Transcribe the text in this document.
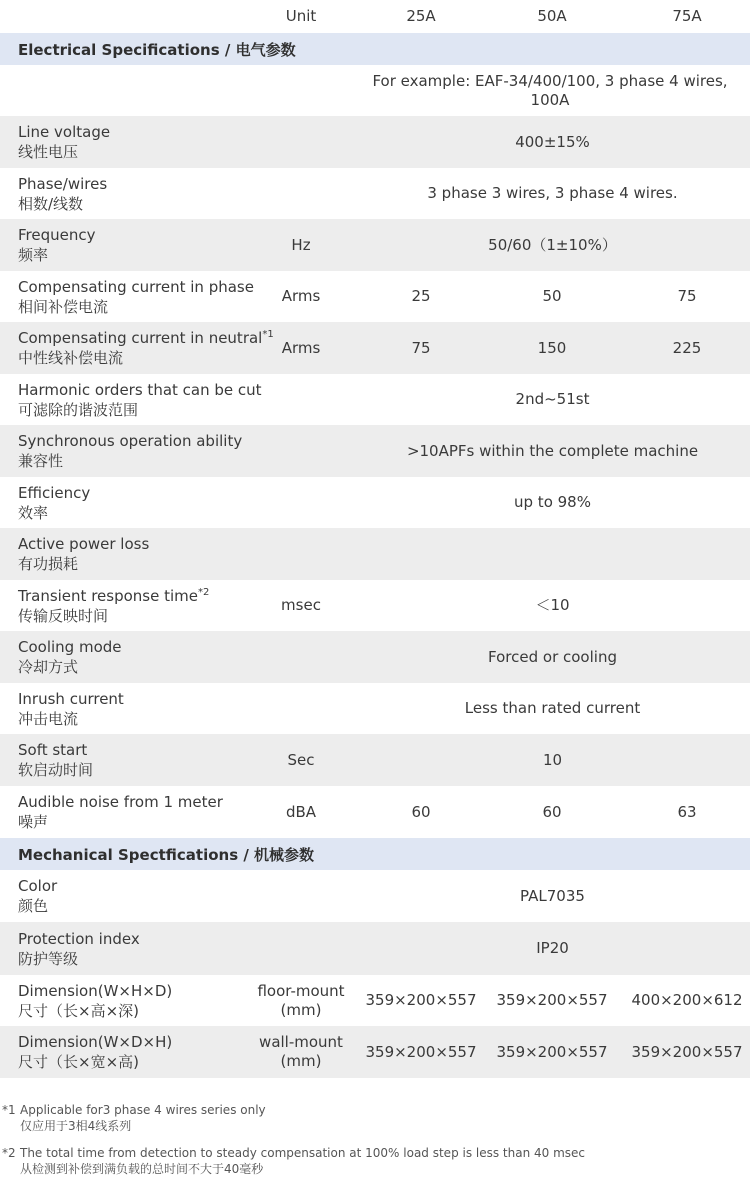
Unit	25A	50A	75A
Electrical Specifications / 电气参数
For example: EAF-34/400/100, 3 phase 4 wires, 100A
Line voltage
线性电压
400±15%
Phase/wires
相数/线数
3 phase 3 wires, 3 phase 4 wires.
Frequency
频率
Hz	50/60（1±10%）
Compensating current in phase
相间补偿电流
Arms	25	50	75
Compensating current in neutral$^{*1}$
中性线补偿电流
Arms	75	150	225
Harmonic orders that can be cut
可滤除的谐波范围
2nd~51st
Synchronous operation ability
兼容性
>10APFs within the complete machine
Efficiency
效率
up to 98%
Active power loss
有功损耗
Transient response time$^{*2}$
传输反映时间
msec	＜10
Cooling mode
冷却方式
Forced or cooling
Inrush current
冲击电流
Less than rated current
Soft start
软启动时间
Sec	10
Audible noise from 1 meter
噪声
dBA	60	60	63
Mechanical Spectfications / 机械参数
Color
颜色
PAL7035
Protection index
防护等级
IP20
Dimension(W×H×D)
尺寸（长×高×深)
floor-mount
(mm)
359×200×557	359×200×557	400×200×612
Dimension(W×D×H)
尺寸（长×宽×高)
wall-mount
(mm)
359×200×557	359×200×557	359×200×557
*1 Applicable for3 phase 4 wires series only
仅应用于3相4线系列
*2 The total time from detection to steady compensation at 100% load step is less than 40 msec
从检测到补偿到满负载的总时间不大于40毫秒
